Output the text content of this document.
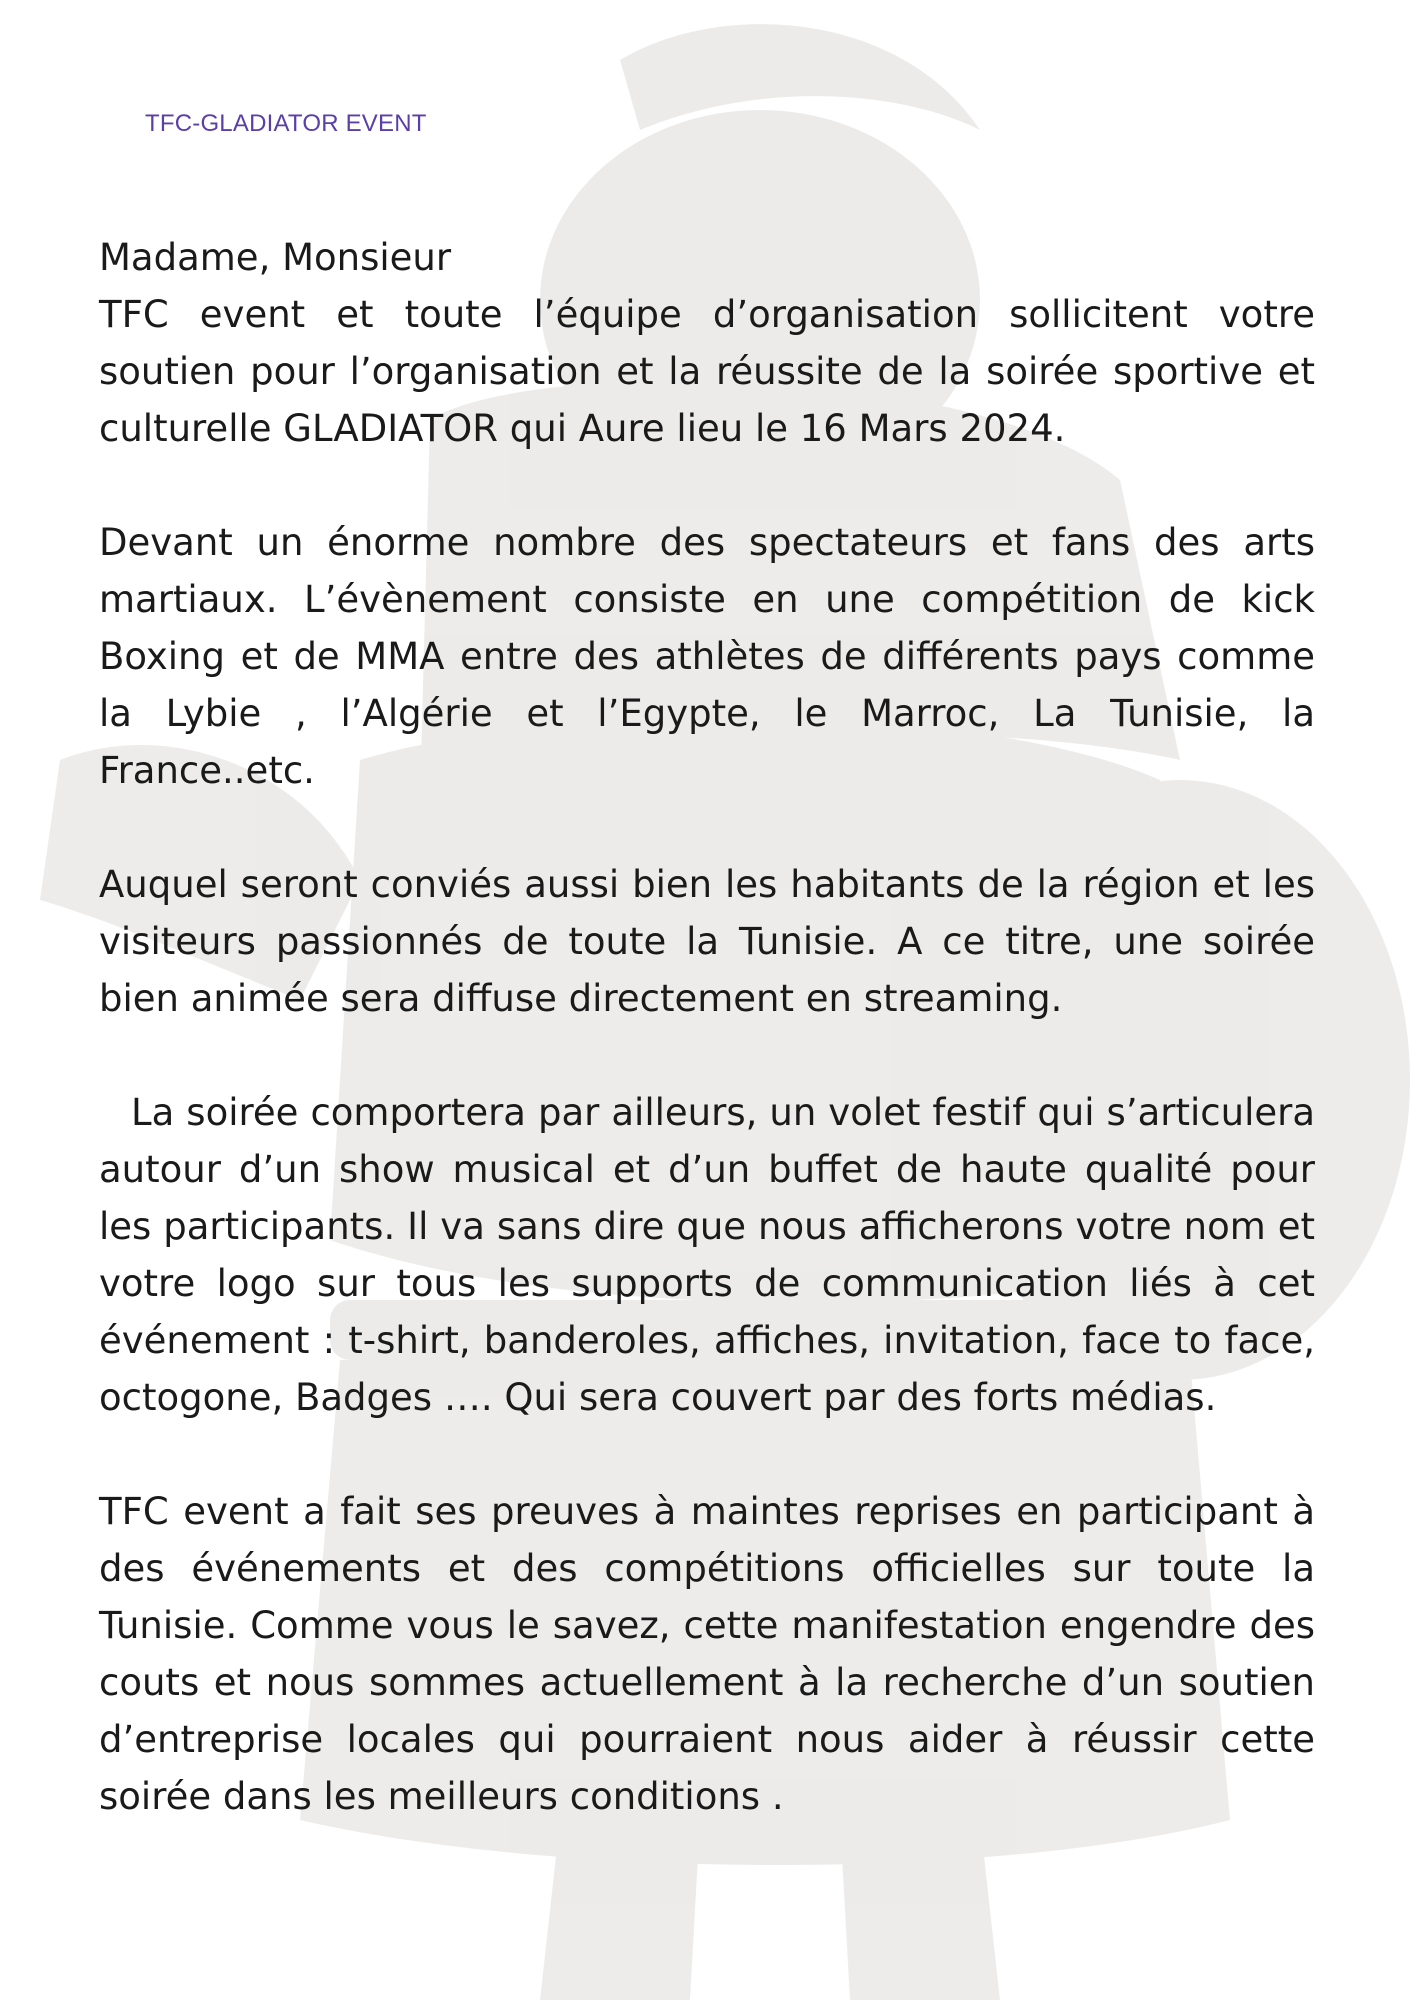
TFC-GLADIATOR EVENT

Madame, Monsieur

TFC event et toute l’équipe d’organisation sollicitent votre soutien pour l’organisation et la réussite de la soirée sportive et culturelle GLADIATOR qui Aure lieu le 16 Mars 2024.

Devant un énorme nombre des spectateurs et fans des arts martiaux. L’évènement consiste en une compétition de kick Boxing et de MMA entre des athlètes de différents pays comme la Lybie , l’Algérie et l’Egypte, le Marroc, La Tunisie, la France..etc.

Auquel seront conviés aussi bien les habitants de la région et les visiteurs passionnés de toute la Tunisie. A ce titre, une soirée bien animée sera diffuse directement en streaming.

La soirée comportera par ailleurs, un volet festif qui s’articulera autour d’un show musical et d’un buffet de haute qualité pour les participants. Il va sans dire que nous afficherons votre nom et votre logo sur tous les supports de communication liés à cet événement : t-shirt, banderoles, affiches, invitation, face to face, octogone, Badges …. Qui sera couvert par des forts médias.

TFC event a fait ses preuves à maintes reprises en participant à des événements et des compétitions officielles sur toute la Tunisie. Comme vous le savez, cette manifestation engendre des couts et nous sommes actuellement à la recherche d’un soutien d’entreprise locales qui pourraient nous aider à réussir cette soirée dans les meilleurs conditions .
